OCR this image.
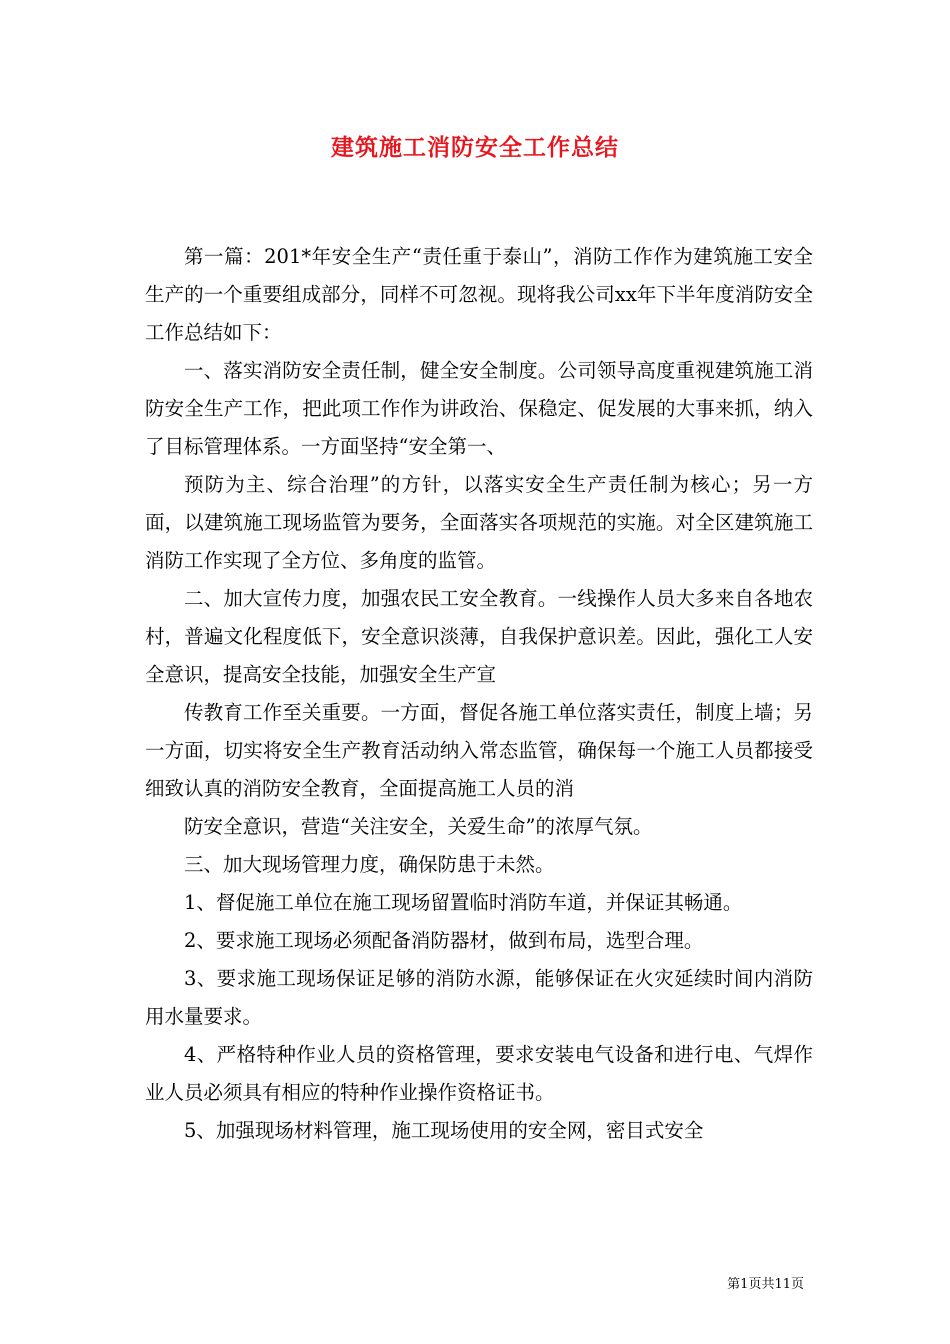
建筑施工消防安全工作总结

第一篇：201*年安全生产“责任重于泰山”，消防工作作为建筑施工安全生产的一个重要组成部分，同样不可忽视。现将我公司xx年下半年度消防安全工作总结如下：

一、落实消防安全责任制，健全安全制度。公司领导高度重视建筑施工消防安全生产工作，把此项工作作为讲政治、保稳定、促发展的大事来抓，纳入了目标管理体系。一方面坚持“安全第一、

预防为主、综合治理”的方针，以落实安全生产责任制为核心；另一方面，以建筑施工现场监管为要务，全面落实各项规范的实施。对全区建筑施工消防工作实现了全方位、多角度的监管。

二、加大宣传力度，加强农民工安全教育。一线操作人员大多来自各地农村，普遍文化程度低下，安全意识淡薄，自我保护意识差。因此，强化工人安全意识，提高安全技能，加强安全生产宣

传教育工作至关重要。一方面，督促各施工单位落实责任，制度上墙；另一方面，切实将安全生产教育活动纳入常态监管，确保每一个施工人员都接受细致认真的消防安全教育，全面提高施工人员的消

防安全意识，营造“关注安全，关爱生命”的浓厚气氛。

三、加大现场管理力度，确保防患于未然。

1、督促施工单位在施工现场留置临时消防车道，并保证其畅通。

2、要求施工现场必须配备消防器材，做到布局，选型合理。

3、要求施工现场保证足够的消防水源，能够保证在火灾延续时间内消防用水量要求。

4、严格特种作业人员的资格管理，要求安装电气设备和进行电、气焊作业人员必须具有相应的特种作业操作资格证书。

5、加强现场材料管理，施工现场使用的安全网，密目式安全

第1页共11页
